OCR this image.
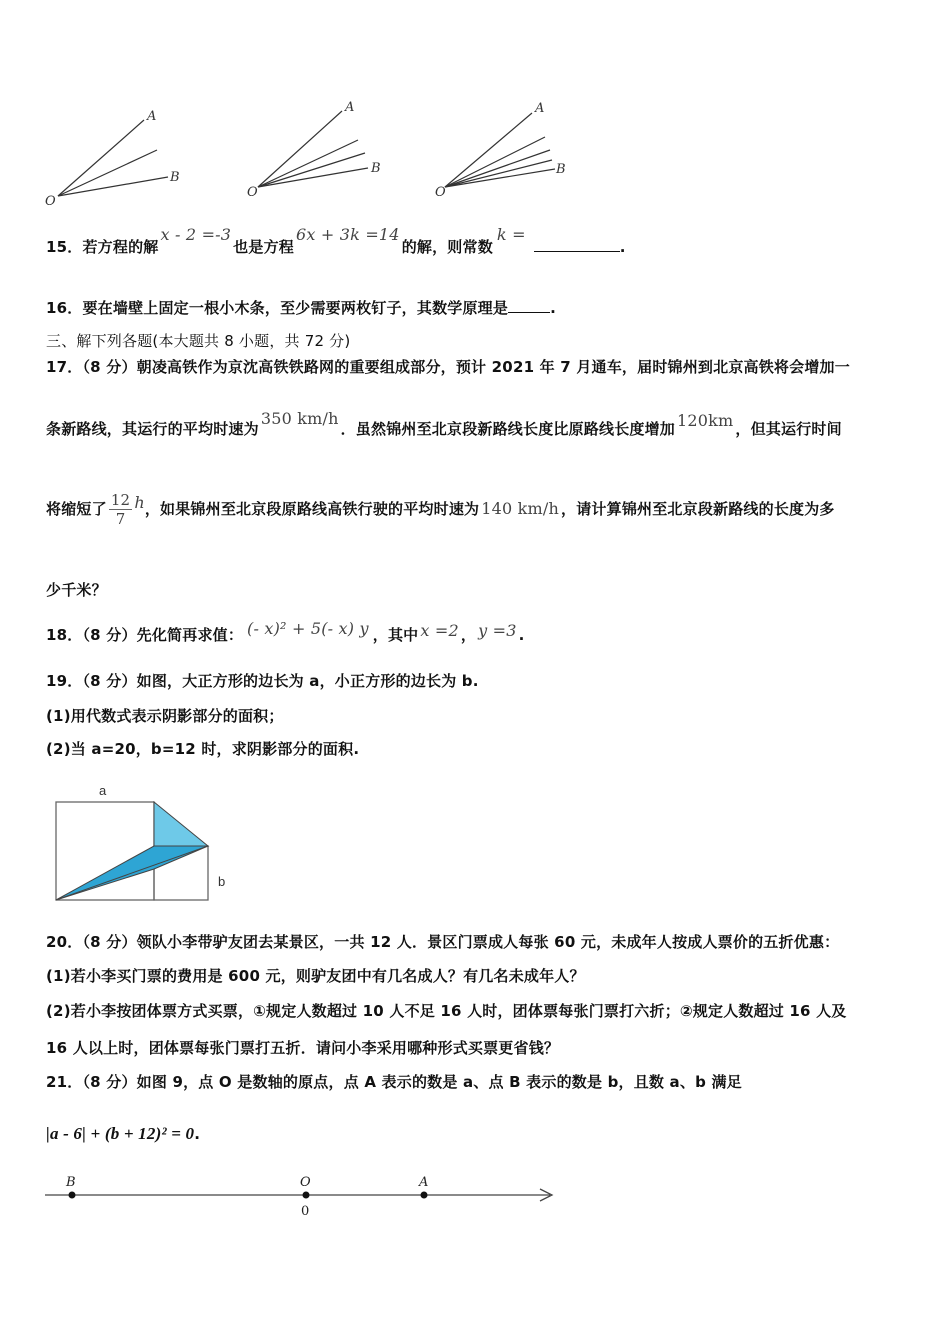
O
A
B
O
A
B
O
A
B
15．若方程的解x - 2 =-3也是方程6x + 3k =14的解，则常数k =.
16．要在墙壁上固定一根小木条，至少需要两枚钉子，其数学原理是	.
三、解下列各题(本大题共 8 小题，共 72 分)
17．（8 分）朝凌高铁作为京沈高铁铁路网的重要组成部分，预计 2021 年 7 月通车，届时锦州到北京高铁将会增加一
条新路线，其运行的平均时速为350 km/h．虽然锦州至北京段新路线长度比原路线长度增加 120km ，但其运行时间
将缩短了 $\frac{12}{7}$ h，如果锦州至北京段原路线高铁行驶的平均时速为 140 km/h ，请计算锦州至北京段新路线的长度为多
少千米？
18．（8 分）先化简再求值： (- x)² + 5(- x) y ，其中 x =2 ， y =3 .
19．（8 分）如图，大正方形的边长为 a，小正方形的边长为 b.
(1)用代数式表示阴影部分的面积；
(2)当 a=20，b=12 时，求阴影部分的面积.
a
b
20．（8 分）领队小李带驴友团去某景区，一共 12 人．景区门票成人每张 60 元，未成年人按成人票价的五折优惠：
(1)若小李买门票的费用是 600 元，则驴友团中有几名成人？有几名未成年人？
(2)若小李按团体票方式买票，①规定人数超过 10 人不足 16 人时，团体票每张门票打六折；②规定人数超过 16 人及
16 人以上时，团体票每张门票打五折．请问小李采用哪种形式买票更省钱？
21．（8 分）如图 9，点 O 是数轴的原点，点 A 表示的数是 a、点 B 表示的数是 b，且数 a、b 满足
|a - 6| + (b + 12)² = 0.
B	O	A
0
